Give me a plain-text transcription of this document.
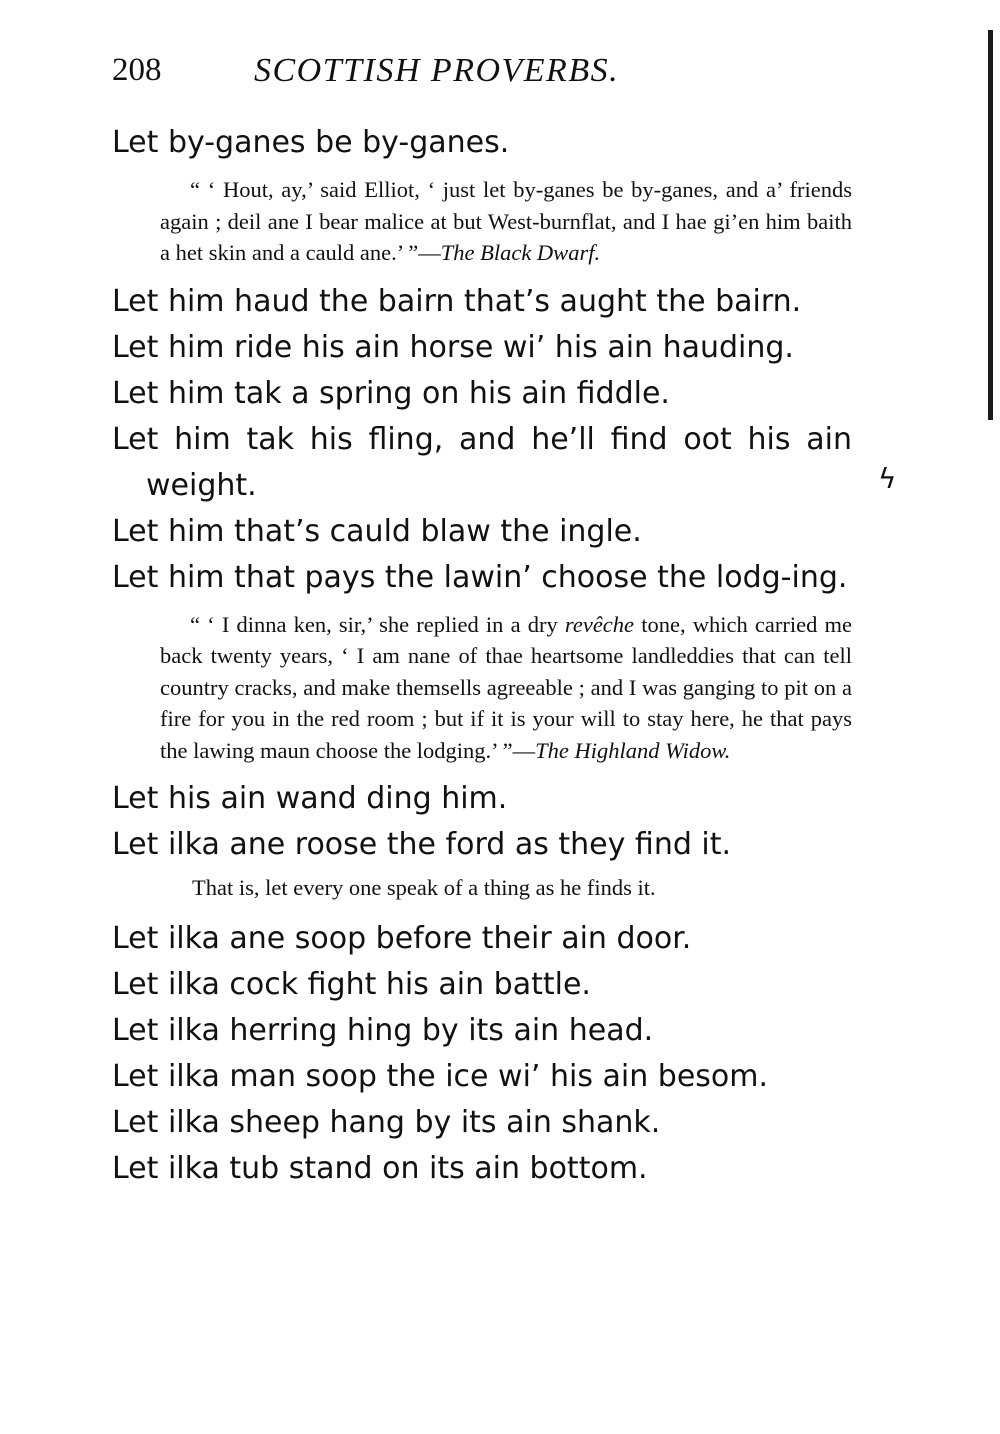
208	SCOTTISH PROVERBS.
ϟ

Let by-ganes be by-ganes.

“ ‘ Hout, ay,’ said Elliot, ‘ just let by-ganes be by-ganes, and a’ friends again ; deil ane I bear malice at but West-burnflat, and I hae gi’en him baith a het skin and a cauld ane.’ ”—The Black Dwarf.

Let him haud the bairn that’s aught the bairn.

Let him ride his ain horse wi’ his ain hauding.

Let him tak a spring on his ain fiddle.

Let him tak his fling, and he’ll find oot his ain weight.

Let him that’s cauld blaw the ingle.

Let him that pays the lawin’ choose the lodg-ing.

“ ‘ I dinna ken, sir,’ she replied in a dry revêche tone, which carried me back twenty years, ‘ I am nane of thae heartsome landleddies that can tell country cracks, and make themsells agreeable ; and I was ganging to pit on a fire for you in the red room ; but if it is your will to stay here, he that pays the lawing maun choose the lodging.’ ”—The Highland Widow.

Let his ain wand ding him.

Let ilka ane roose the ford as they find it.

That is, let every one speak of a thing as he finds it.

Let ilka ane soop before their ain door.

Let ilka cock fight his ain battle.

Let ilka herring hing by its ain head.

Let ilka man soop the ice wi’ his ain besom.

Let ilka sheep hang by its ain shank.

Let ilka tub stand on its ain bottom.
